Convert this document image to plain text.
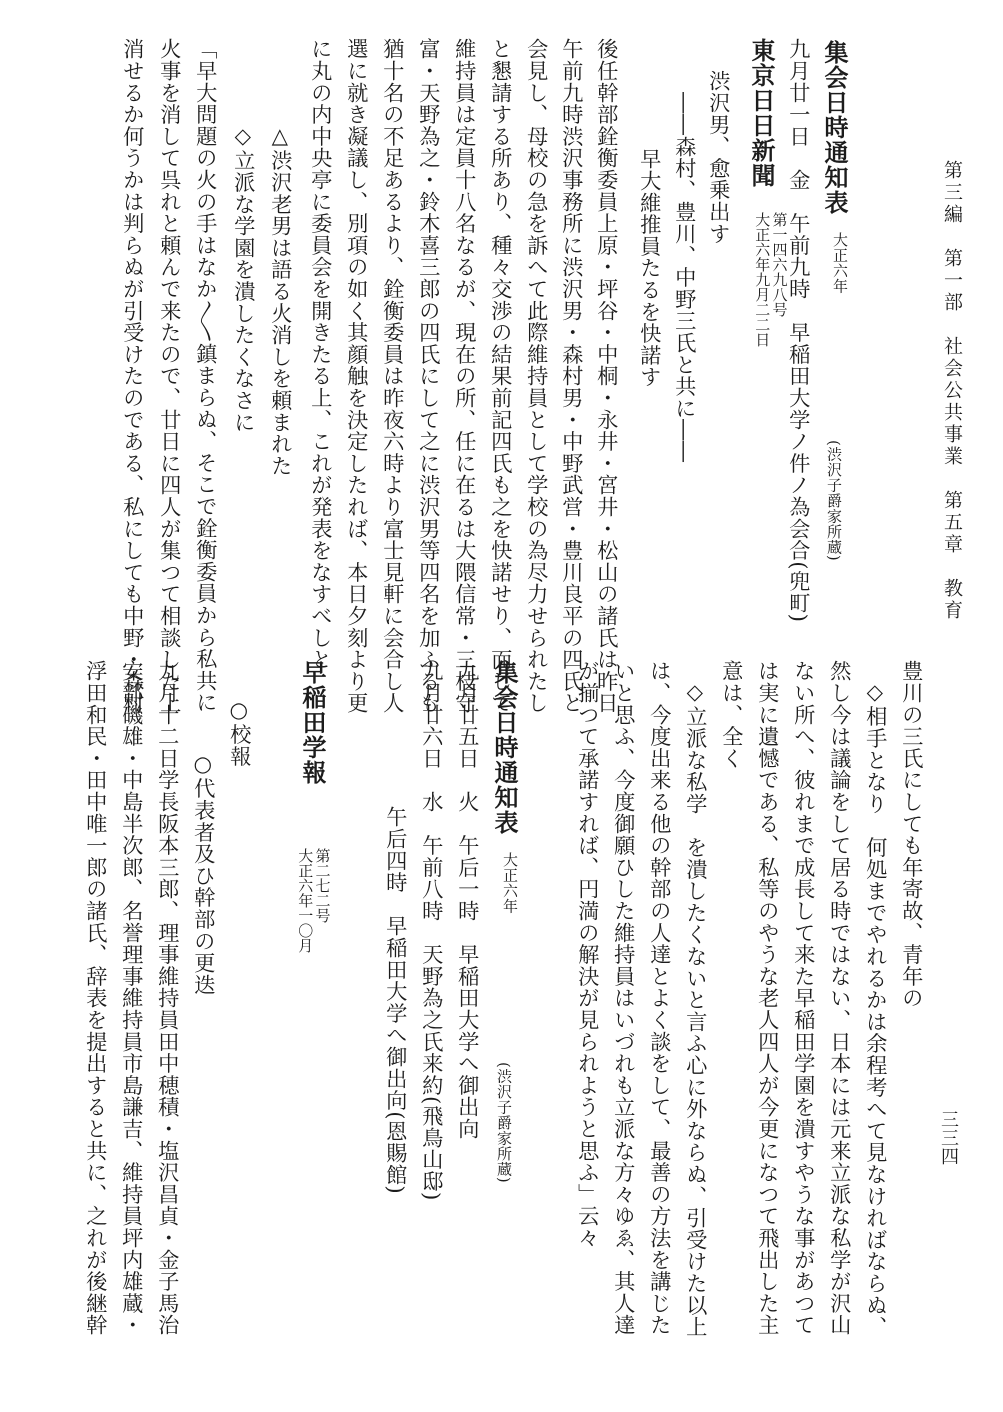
第三編　第一部　社会公共事業　第五章　教育
三三四
(渋沢子爵家所蔵)
集会日時通知表
大正六年
九月廿一日　金　午前九時　早稲田大学ノ件ノ為会合(兜町)
東京日日新聞
第一四六九八号
大正六年九月二二日
渋沢男、愈乗出す
――森村、豊川、中野三氏と共に――
早大維推員たるを快諾す
後任幹部銓衡委員上原・坪谷・中桐・永井・宮井・松山の諸氏は昨日
午前九時渋沢事務所に渋沢男・森村男・中野武営・豊川良平の四氏と
会見し、母校の急を訴へて此際維持員として学校の為尽力せられたし
と懇請する所あり、種々交渉の結果前記四氏も之を快諾せり、而して
維持員は定員十八名なるが、現在の所、任に在るは大隈信常・三枝守
富・天野為之・鈴木喜三郎の四氏にして之に渋沢男等四名を加ふるも
猶十名の不足あるより、銓衡委員は昨夜六時より富士見軒に会合し人
選に就き凝議し、別項の如く其顔触を決定したれば、本日夕刻より更
に丸の内中央亭に委員会を開きたる上、これが発表をなすべしと
△渋沢老男は語る火消しを頼まれた
◇立派な学園を潰したくなさに
「早大問題の火の手はなか〱鎮まらぬ、そこで銓衡委員から私共に
火事を消して呉れと頼んで来たので、廿日に四人が集つて相談した上
消せるか何うかは判らぬが引受けたのである、私にしても中野・森村
豊川の三氏にしても年寄故、青年の
◇相手となり　何処までやれるかは余程考へて見なければならぬ、
然し今は議論をして居る時ではない、日本には元来立派な私学が沢山
ない所へ、彼れまで成長して来た早稲田学園を潰すやうな事があつて
は実に遺憾である、私等のやうな老人四人が今更になつて飛出した主
意は、全く
◇立派な私学　を潰したくないと言ふ心に外ならぬ、引受けた以上
は、今度出来る他の幹部の人達とよく談をして、最善の方法を講じた
いと思ふ、今度御願ひした維持員はいづれも立派な方々ゆゑ、其人達
が揃つて承諾すれば、円満の解決が見られようと思ふ」云々
(渋沢子爵家所蔵)
集会日時通知表
大正六年
九月廿五日　火　午后一時　早稲田大学へ御出向
九月廿六日　水　午前八時　天野為之氏来約(飛鳥山邸)
午后四時　早稲田大学へ御出向(恩賜館)
早稲田学報
第二七二号
大正六年一〇月
○校報
○代表者及ひ幹部の更迭
九月十二日学長阪本三郎、理事維持員田中穂積・塩沢昌貞・金子馬治
安部磯雄・中島半次郎、名誉理事維持員市島謙吉、維持員坪内雄蔵・
浮田和民・田中唯一郎の諸氏、辞表を提出すると共に、之れが後継幹
